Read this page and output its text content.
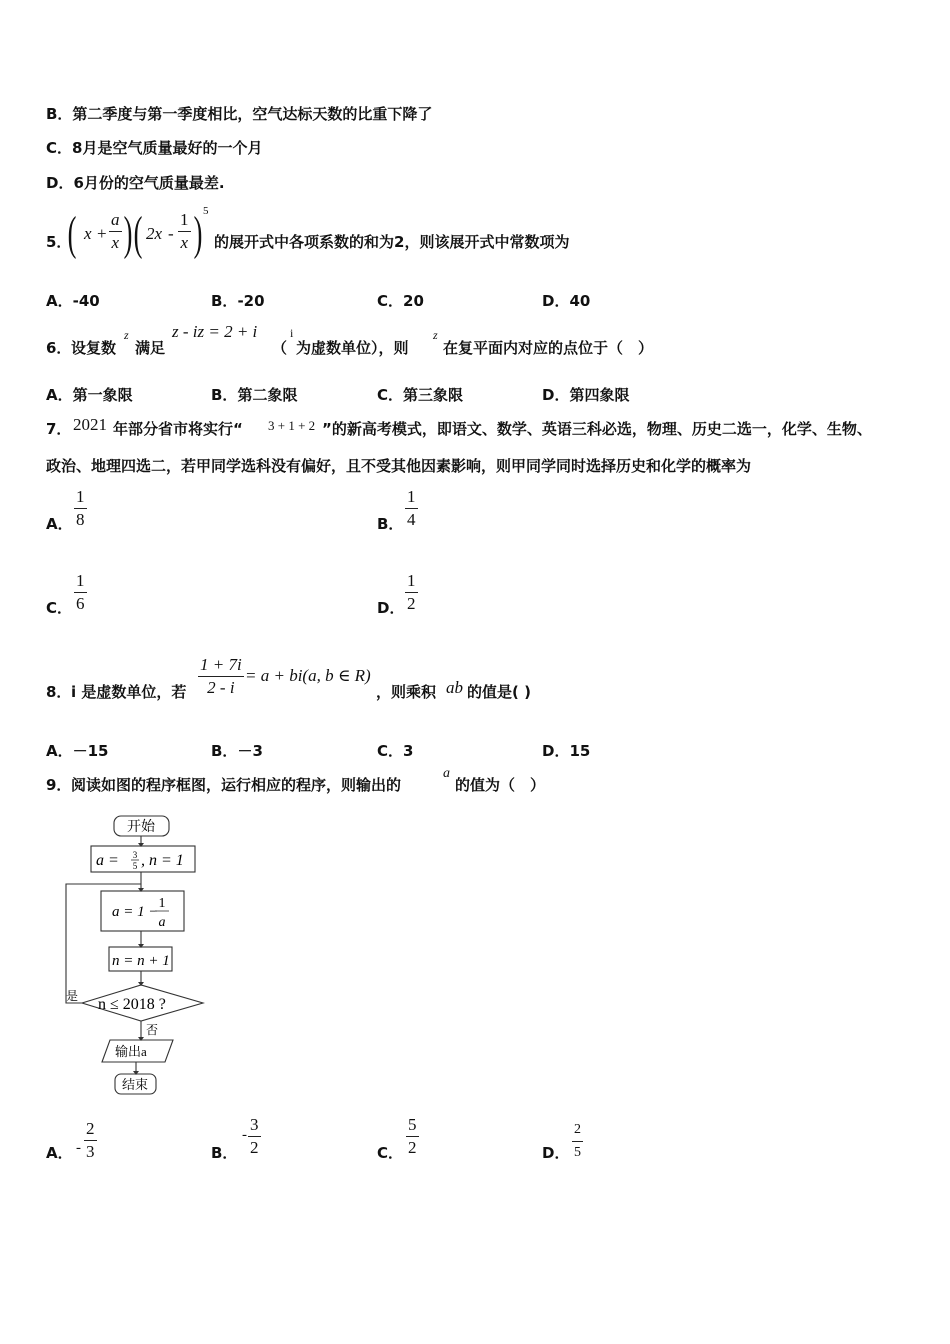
B．第二季度与第一季度相比，空气达标天数的比重下降了
C．8月是空气质量最好的一个月
D．6月份的空气质量最差.
5．
( x +
a
x ) ( 2x -
1
x ) 5
的展开式中各项系数的和为2，则该展开式中常数项为
A．-40	B．-20	C．20	D．40
6． 设复数
z
满足
z - iz = 2 + i
（
i
为虚数单位），则
z
在复平面内对应的点位于（　）
A．第一象限	B．第二象限	C．第三象限	D．第四象限
7． 2021 年部分省市将实行“ 3 + 1 + 2 ”的新高考模式，即语文、数学、英语三科必选，物理、历史二选一，化学、生物、
政治、地理四选二，若甲同学选科没有偏好，且不受其他因素影响，则甲同学同时选择历史和化学的概率为
A．
1
8	B．
1
4
C．
1
6	D．
1
2
8． i 是虚数单位，若
1 + 7i
2 - i
= a + bi(a, b ∈ R)
，则乘积 ab 的值是( )
A．－15	B．－3	C．3	D．15
9． 阅读如图的程序框图，运行相应的程序，则输出的
a
的值为（　）
开始
a = 3
5 , n = 1
a = 1 −
1
a
n = n + 1
n ≤ 2018 ?
是
否
输出a
结束
A． -
2
3	B．
-
3
2	C．
5
2	D．
2
5
